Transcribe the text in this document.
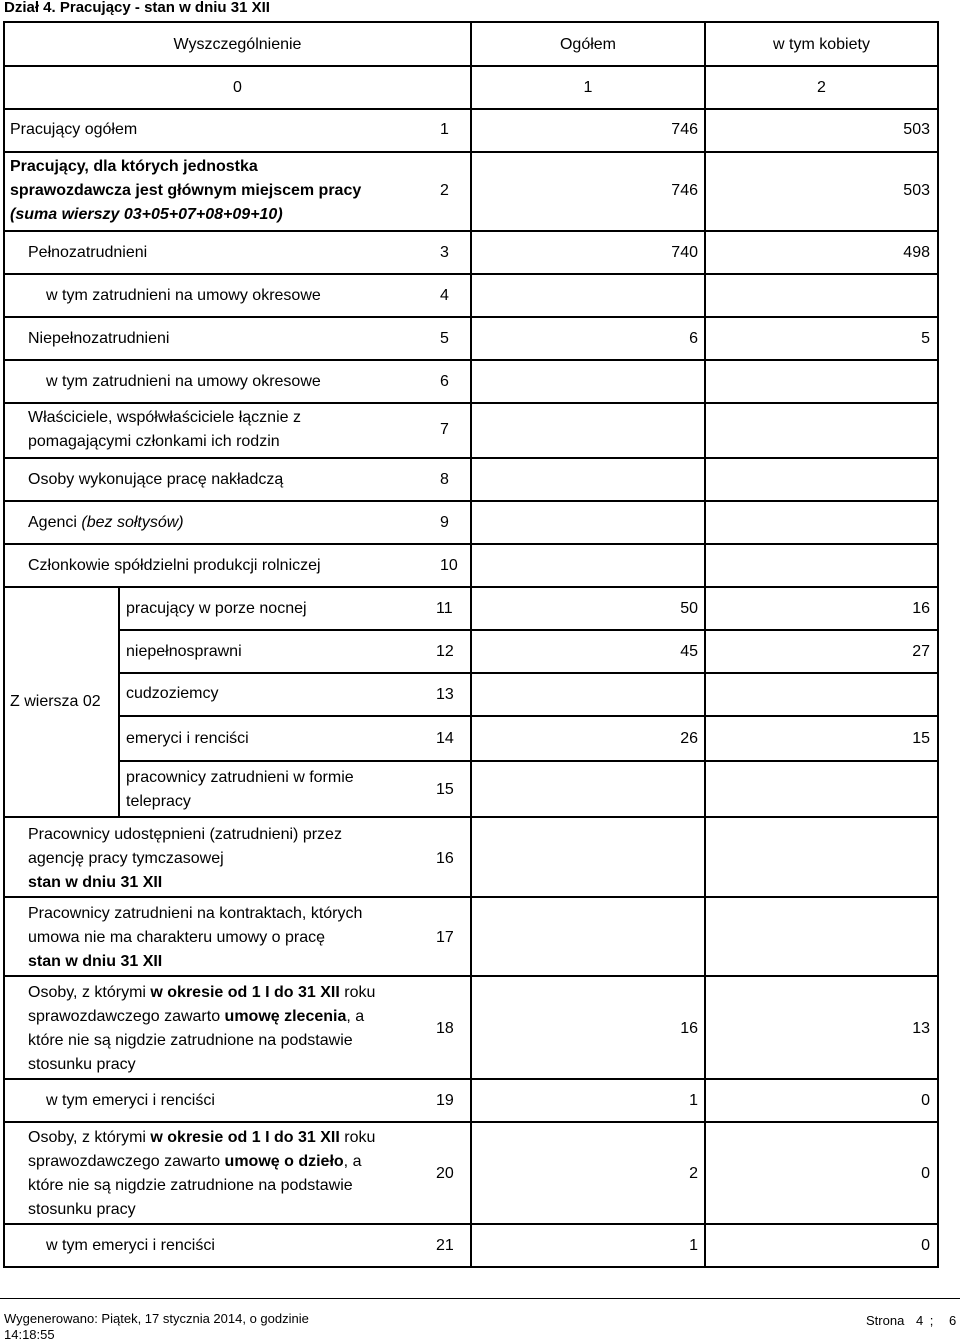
Dział 4. Pracujący - stan w dniu 31 XII
Wyszczególnienie	Ogółem	w tym kobiety
0	1	2
Pracujący ogółem	1	746	503
Pracujący, dla których jednostka
sprawozdawcza jest głównym miejscem pracy
(suma wierszy 03+05+07+08+09+10)
2	746	503
Pełnozatrudnieni	3	740	498
w tym zatrudnieni na umowy okresowe	4
Niepełnozatrudnieni	5	6	5
w tym zatrudnieni na umowy okresowe	6
Właściciele, współwłaściciele łącznie z
pomagającymi członkami ich rodzin
7
Osoby wykonujące pracę nakładczą	8
Agenci (bez sołtysów)	9
Członkowie spółdzielni produkcji rolniczej	10
Z wiersza 02
pracujący w porze nocnej	11	50	16
niepełnosprawni	12	45	27
cudzoziemcy	13
emeryci i renciści	14	26	15
pracownicy zatrudnieni w formie
telepracy
15
Pracownicy udostępnieni (zatrudnieni) przez
agencję pracy tymczasowej
stan w dniu 31 XII
16
Pracownicy zatrudnieni na kontraktach, których
umowa nie ma charakteru umowy o pracę
stan w dniu 31 XII
17
Osoby, z którymi w okresie od 1 I do 31 XII roku
sprawozdawczego zawarto umowę zlecenia, a
które nie są nigdzie zatrudnione na podstawie
stosunku pracy
18	16	13
w tym emeryci i renciści	19	1	0
Osoby, z którymi w okresie od 1 I do 31 XII roku
sprawozdawczego zawarto umowę o dzieło, a
które nie są nigdzie zatrudnione na podstawie
stosunku pracy
20	2	0
w tym emeryci i renciści	21	1	0
Wygenerowano: Piątek, 17 stycznia 2014, o godzinie
14:18:55
Strona 4 ; 6
